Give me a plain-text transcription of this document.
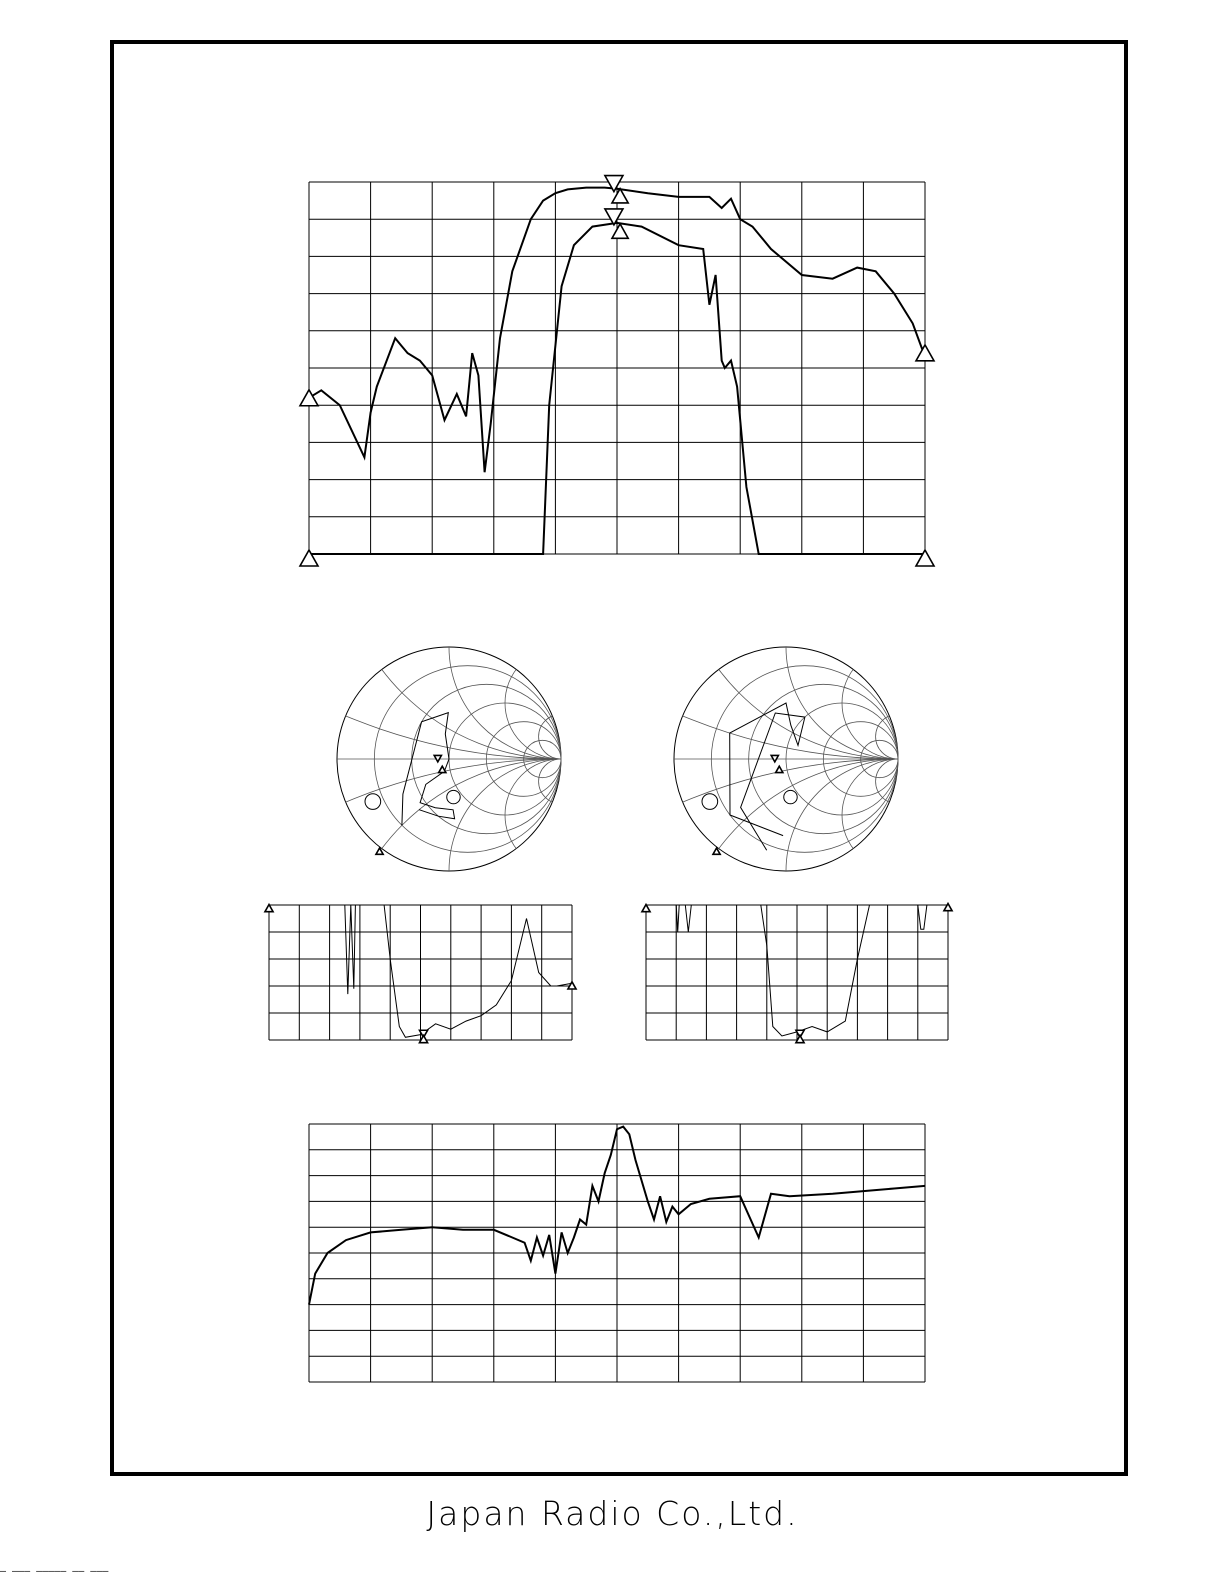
Japan Radio Co.,Ltd.
— ——— ————— —— ———
